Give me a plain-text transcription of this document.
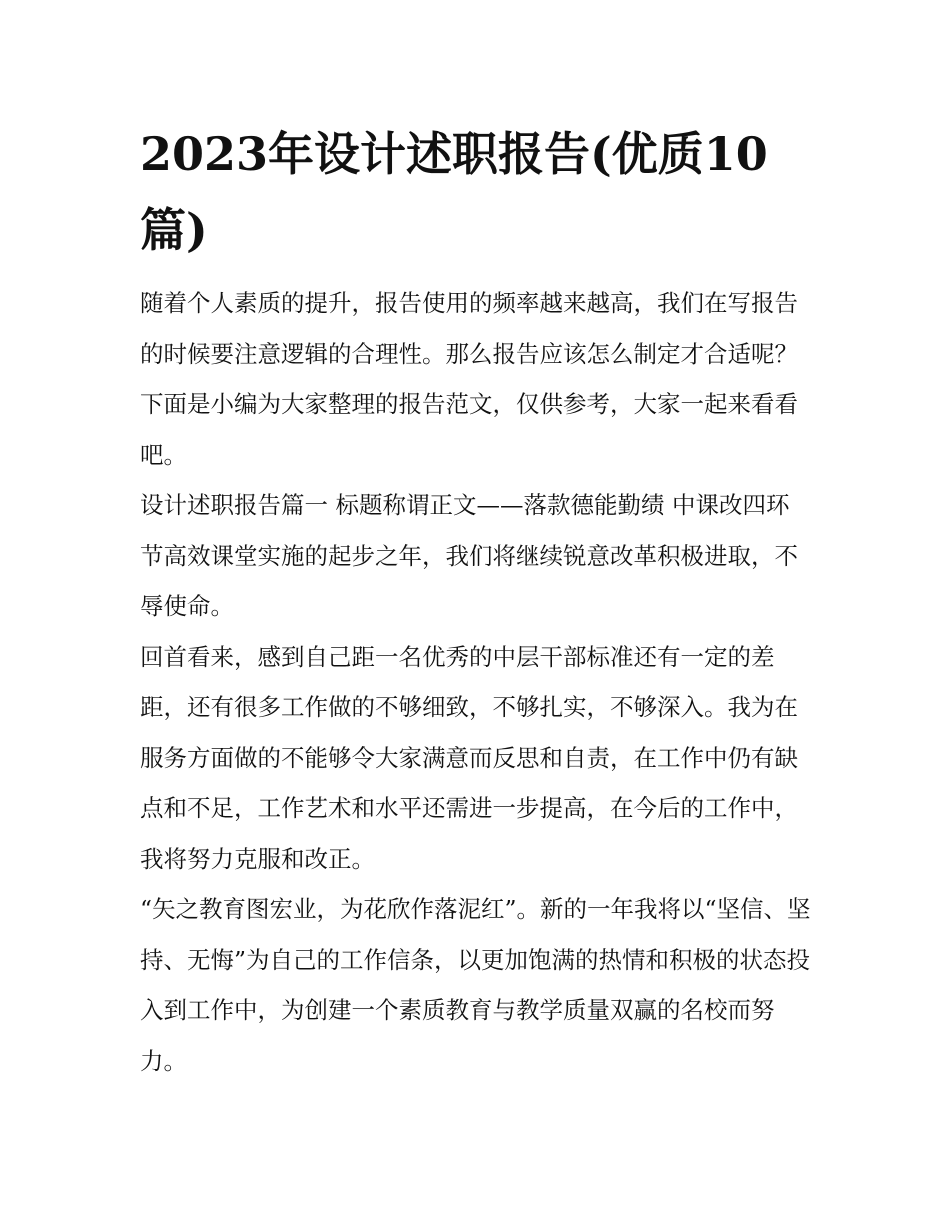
2023年设计述职报告(优质10篇)

随着个人素质的提升，报告使用的频率越来越高，我们在写报告的时候要注意逻辑的合理性。那么报告应该怎么制定才合适呢？下面是小编为大家整理的报告范文，仅供参考，大家一起来看看吧。

设计述职报告篇一 标题称谓正文——落款德能勤绩 中课改四环节高效课堂实施的起步之年，我们将继续锐意改革积极进取，不辱使命。

回首看来，感到自己距一名优秀的中层干部标准还有一定的差距，还有很多工作做的不够细致，不够扎实，不够深入。我为在服务方面做的不能够令大家满意而反思和自责，在工作中仍有缺点和不足，工作艺术和水平还需进一步提高，在今后的工作中，我将努力克服和改正。

“矢之教育图宏业，为花欣作落泥红”。新的一年我将以“坚信、坚持、无悔”为自己的工作信条，以更加饱满的热情和积极的状态投入到工作中，为创建一个素质教育与教学质量双赢的名校而努力。
